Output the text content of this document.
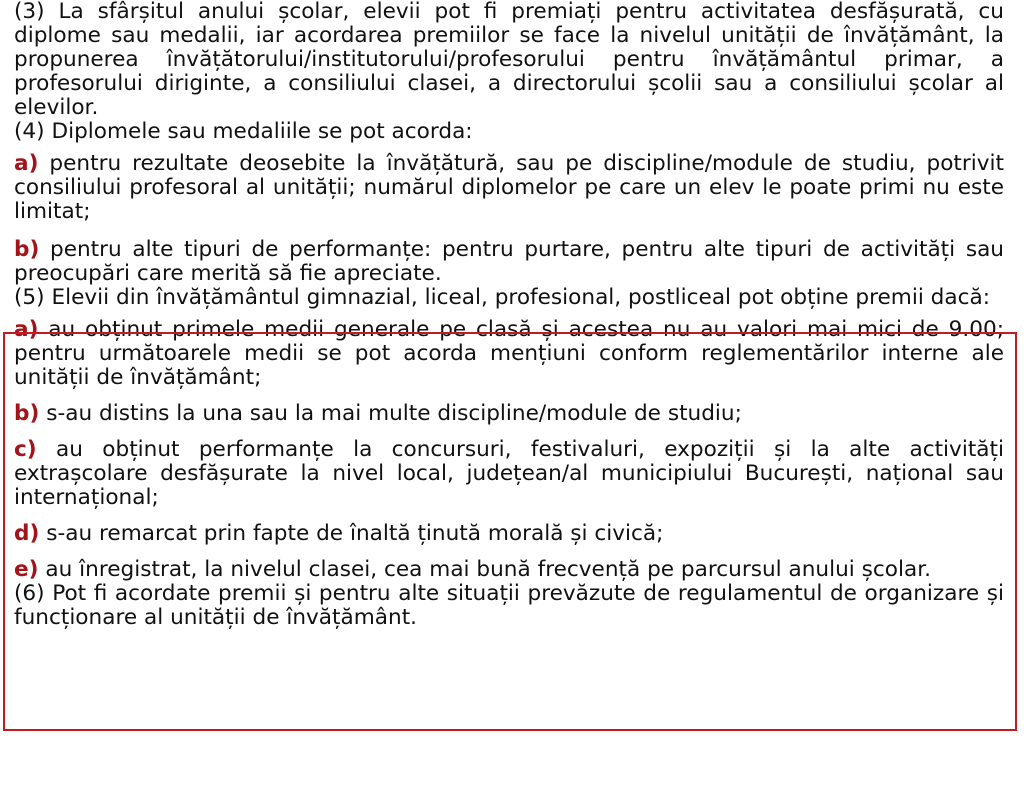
(3) La sfârșitul anului școlar, elevii pot fi premiați pentru activitatea desfășurată, cu diplome sau medalii, iar acordarea premiilor se face la nivelul unității de învățământ, la propunerea învățătorului/institutorului/profesorului pentru învățământul primar, a profesorului diriginte, a consiliului clasei, a directorului școlii sau a consiliului școlar al elevilor.

(4) Diplomele sau medaliile se pot acorda:

a) pentru rezultate deosebite la învățătură, sau pe discipline/module de studiu, potrivit consiliului profesoral al unității; numărul diplomelor pe care un elev le poate primi nu este limitat;

b) pentru alte tipuri de performanțe: pentru purtare, pentru alte tipuri de activități sau preocupări care merită să fie apreciate.

(5) Elevii din învățământul gimnazial, liceal, profesional, postliceal pot obține premii dacă:

a) au obținut primele medii generale pe clasă și acestea nu au valori mai mici de 9.00; pentru următoarele medii se pot acorda mențiuni conform reglementărilor interne ale unității de învățământ;

b) s-au distins la una sau la mai multe discipline/module de studiu;

c) au obținut performanțe la concursuri, festivaluri, expoziții și la alte activități extrașcolare desfășurate la nivel local, județean/al municipiului București, național sau internațional;

d) s-au remarcat prin fapte de înaltă ținută morală și civică;

e) au înregistrat, la nivelul clasei, cea mai bună frecvență pe parcursul anului școlar.

(6) Pot fi acordate premii și pentru alte situații prevăzute de regulamentul de organizare și funcționare al unității de învățământ.
